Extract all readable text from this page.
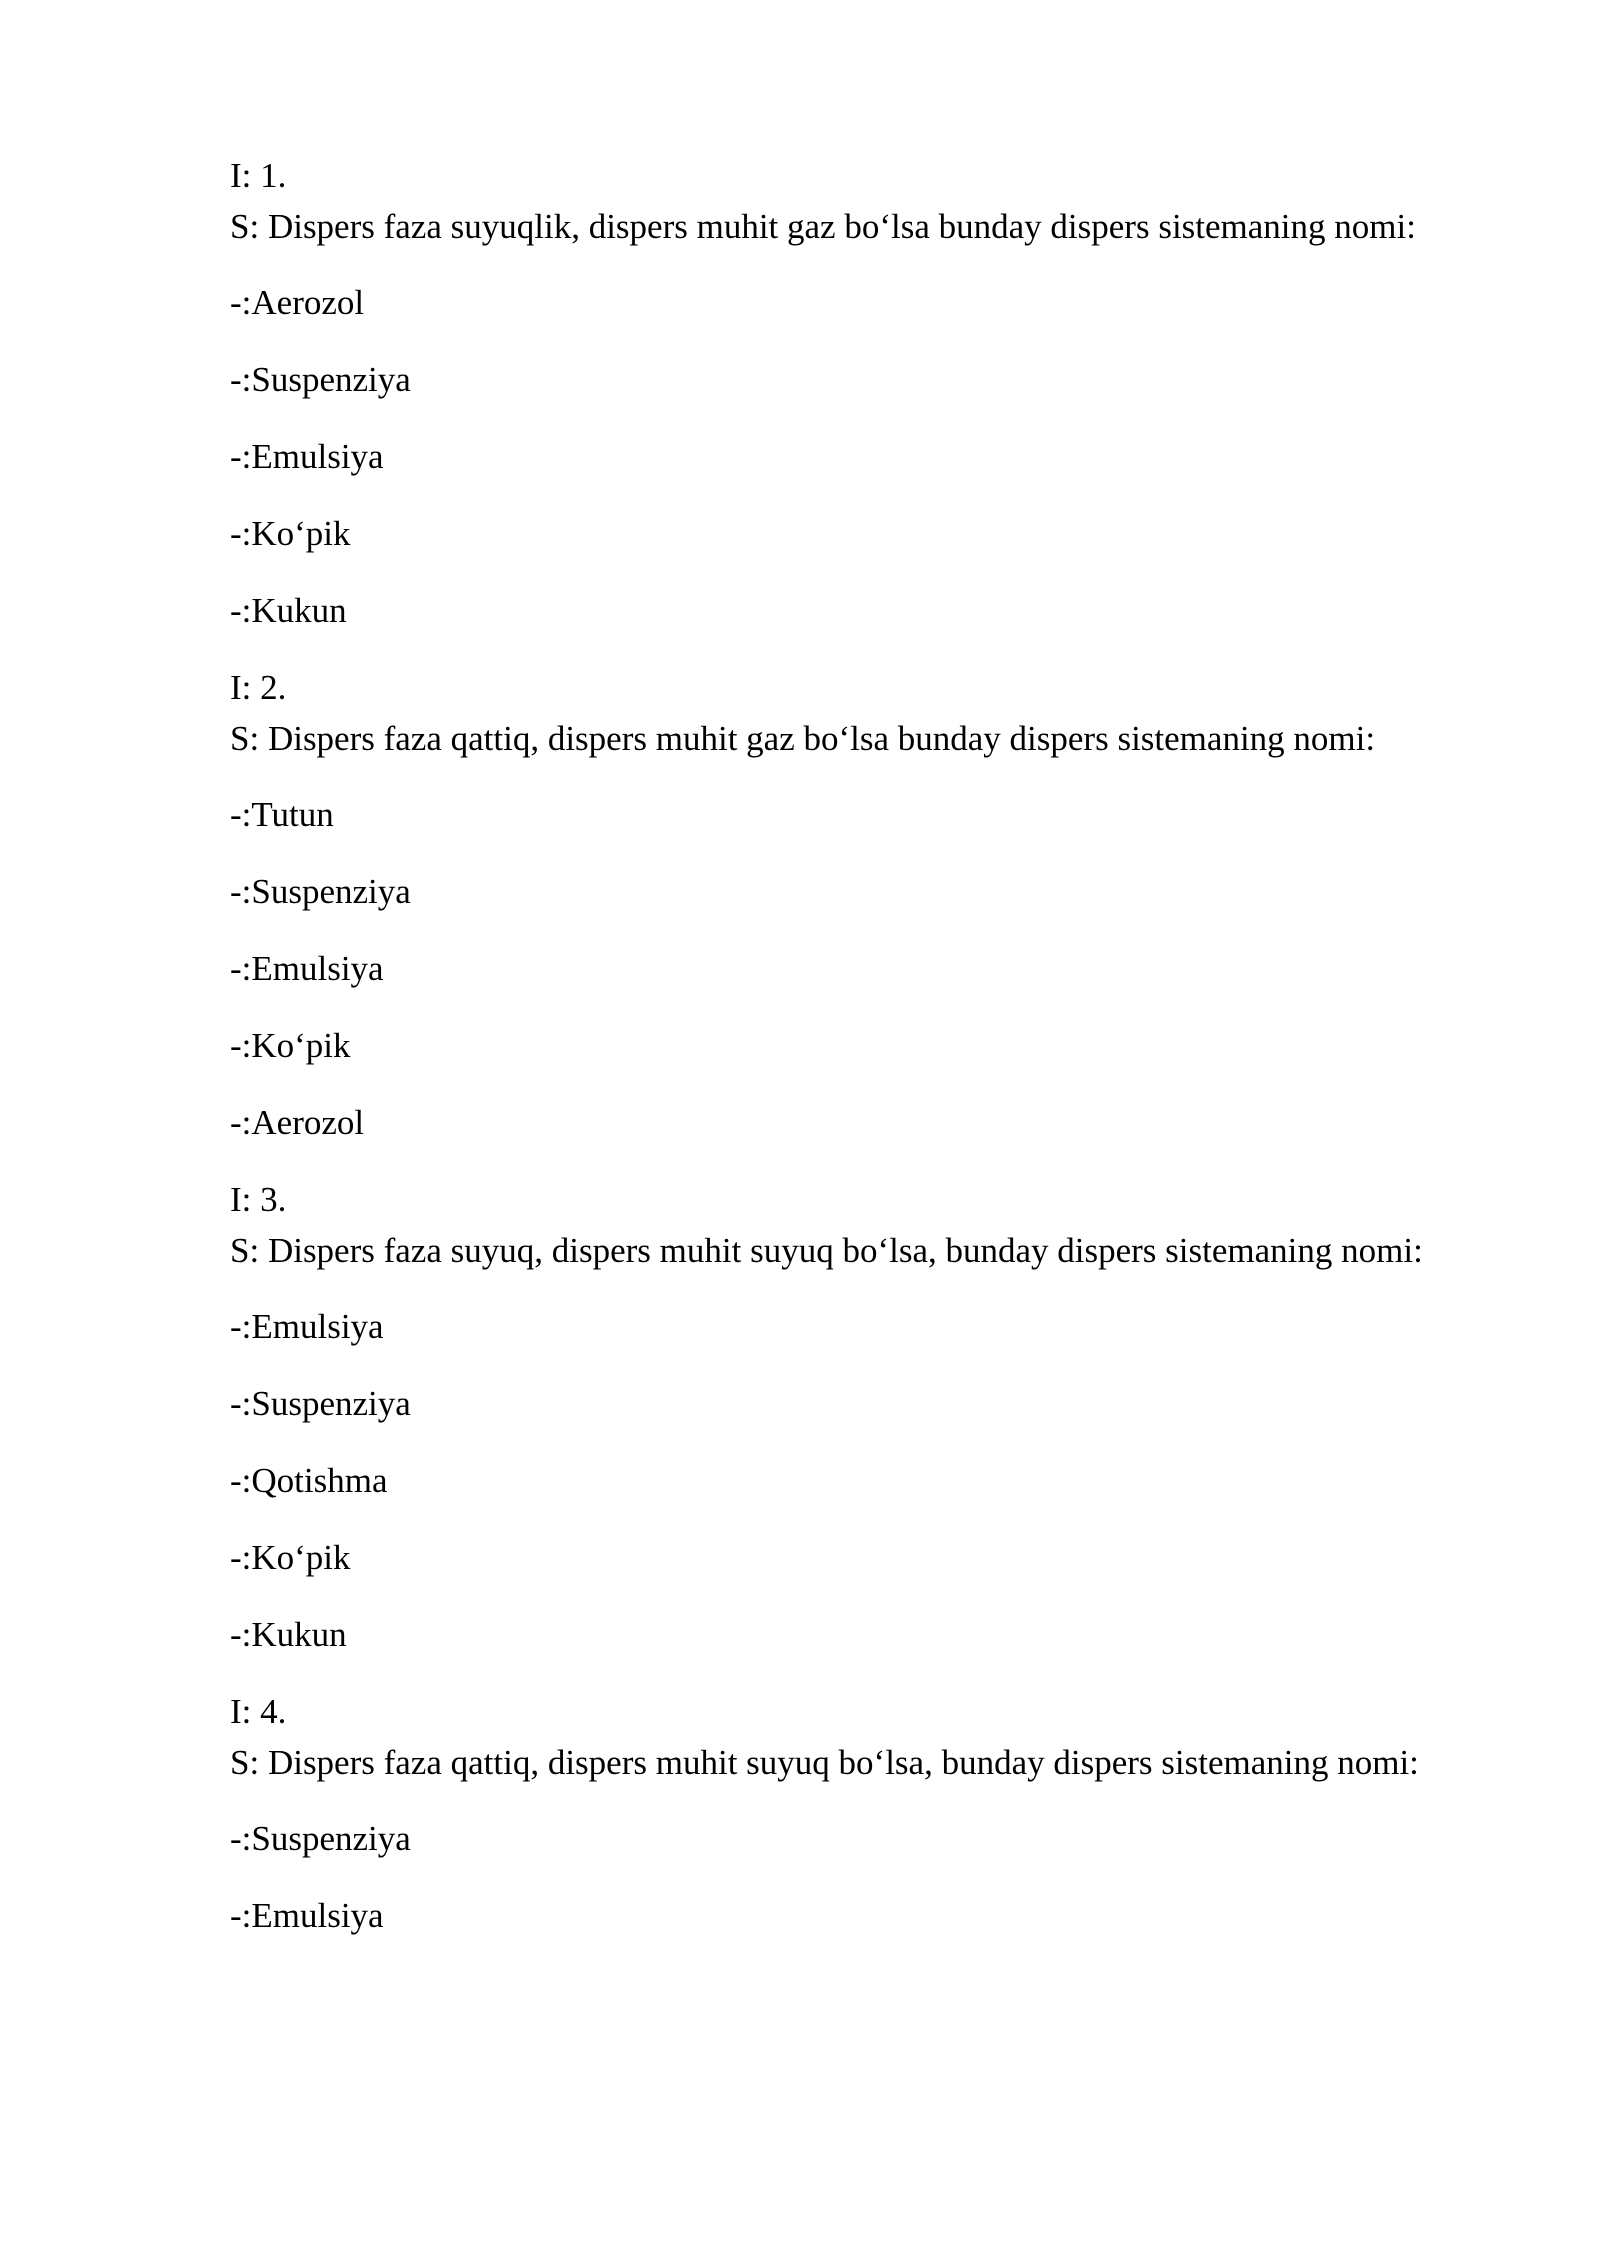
I: 1.
S: Dispers faza suyuqlik, dispers muhit gaz bo‘lsa bunday dispers sistemaning nomi:
-:Aerozol
-:Suspenziya
-:Emulsiya
-:Ko‘pik
-:Kukun
I: 2.
S: Dispers faza qattiq, dispers muhit gaz bo‘lsa bunday dispers sistemaning nomi:
-:Tutun
-:Suspenziya
-:Emulsiya
-:Ko‘pik
-:Aerozol
I: 3.
S: Dispers faza suyuq, dispers muhit suyuq bo‘lsa, bunday dispers sistemaning nomi:
-:Emulsiya
-:Suspenziya
-:Qotishma
-:Ko‘pik
-:Kukun
I: 4.
S: Dispers faza qattiq, dispers muhit suyuq bo‘lsa, bunday dispers sistemaning nomi:
-:Suspenziya
-:Emulsiya
